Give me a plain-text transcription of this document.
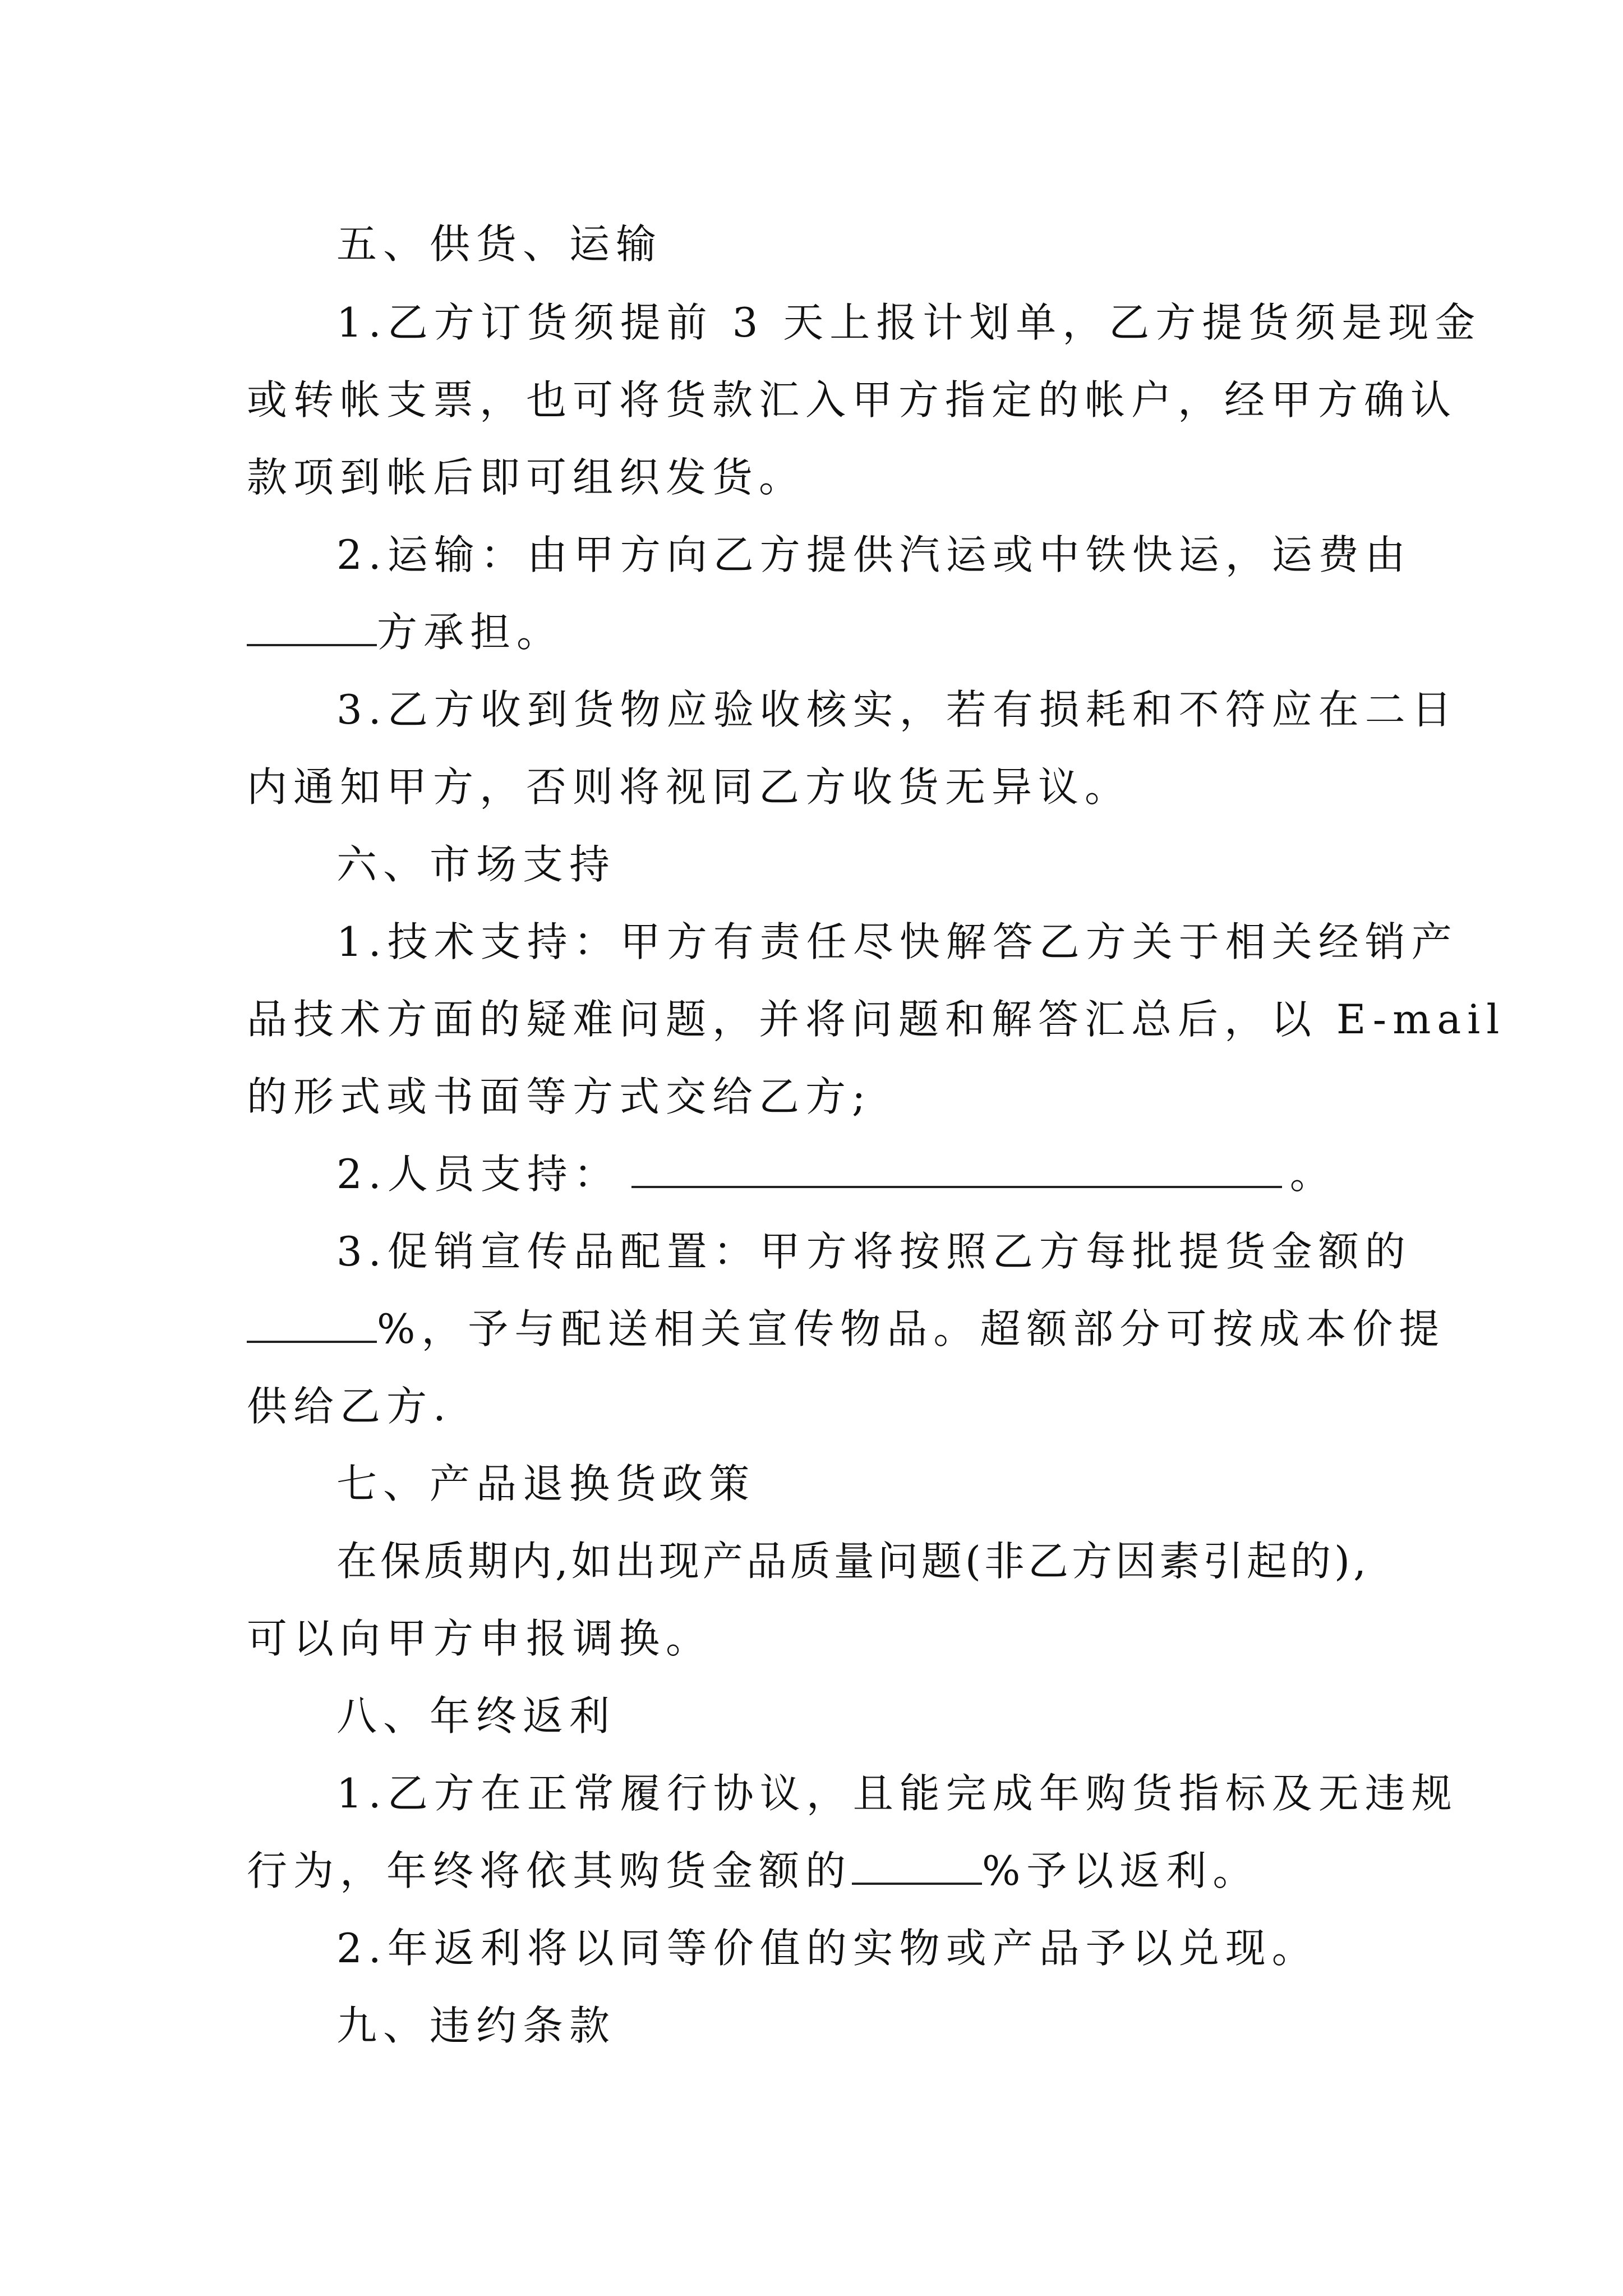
五、供货、运输
1.乙方订货须提前 3 天上报计划单，乙方提货须是现金
或转帐支票，也可将货款汇入甲方指定的帐户，经甲方确认
款项到帐后即可组织发货。
2.运输：由甲方向乙方提供汽运或中铁快运，运费由
方承担。
3.乙方收到货物应验收核实，若有损耗和不符应在二日
内通知甲方，否则将视同乙方收货无异议。
六、市场支持
1.技术支持：甲方有责任尽快解答乙方关于相关经销产
品技术方面的疑难问题，并将问题和解答汇总后，以 E-mail
的形式或书面等方式交给乙方;
2.人员支持：	。
3.促销宣传品配置：甲方将按照乙方每批提货金额的
%，予与配送相关宣传物品。超额部分可按成本价提
供给乙方.
七、产品退换货政策
在保质期内,如出现产品质量问题(非乙方因素引起的),
可以向甲方申报调换。
八、年终返利
1.乙方在正常履行协议，且能完成年购货指标及无违规
行为，年终将依其购货金额的	%予以返利。
2.年返利将以同等价值的实物或产品予以兑现。
九、违约条款
